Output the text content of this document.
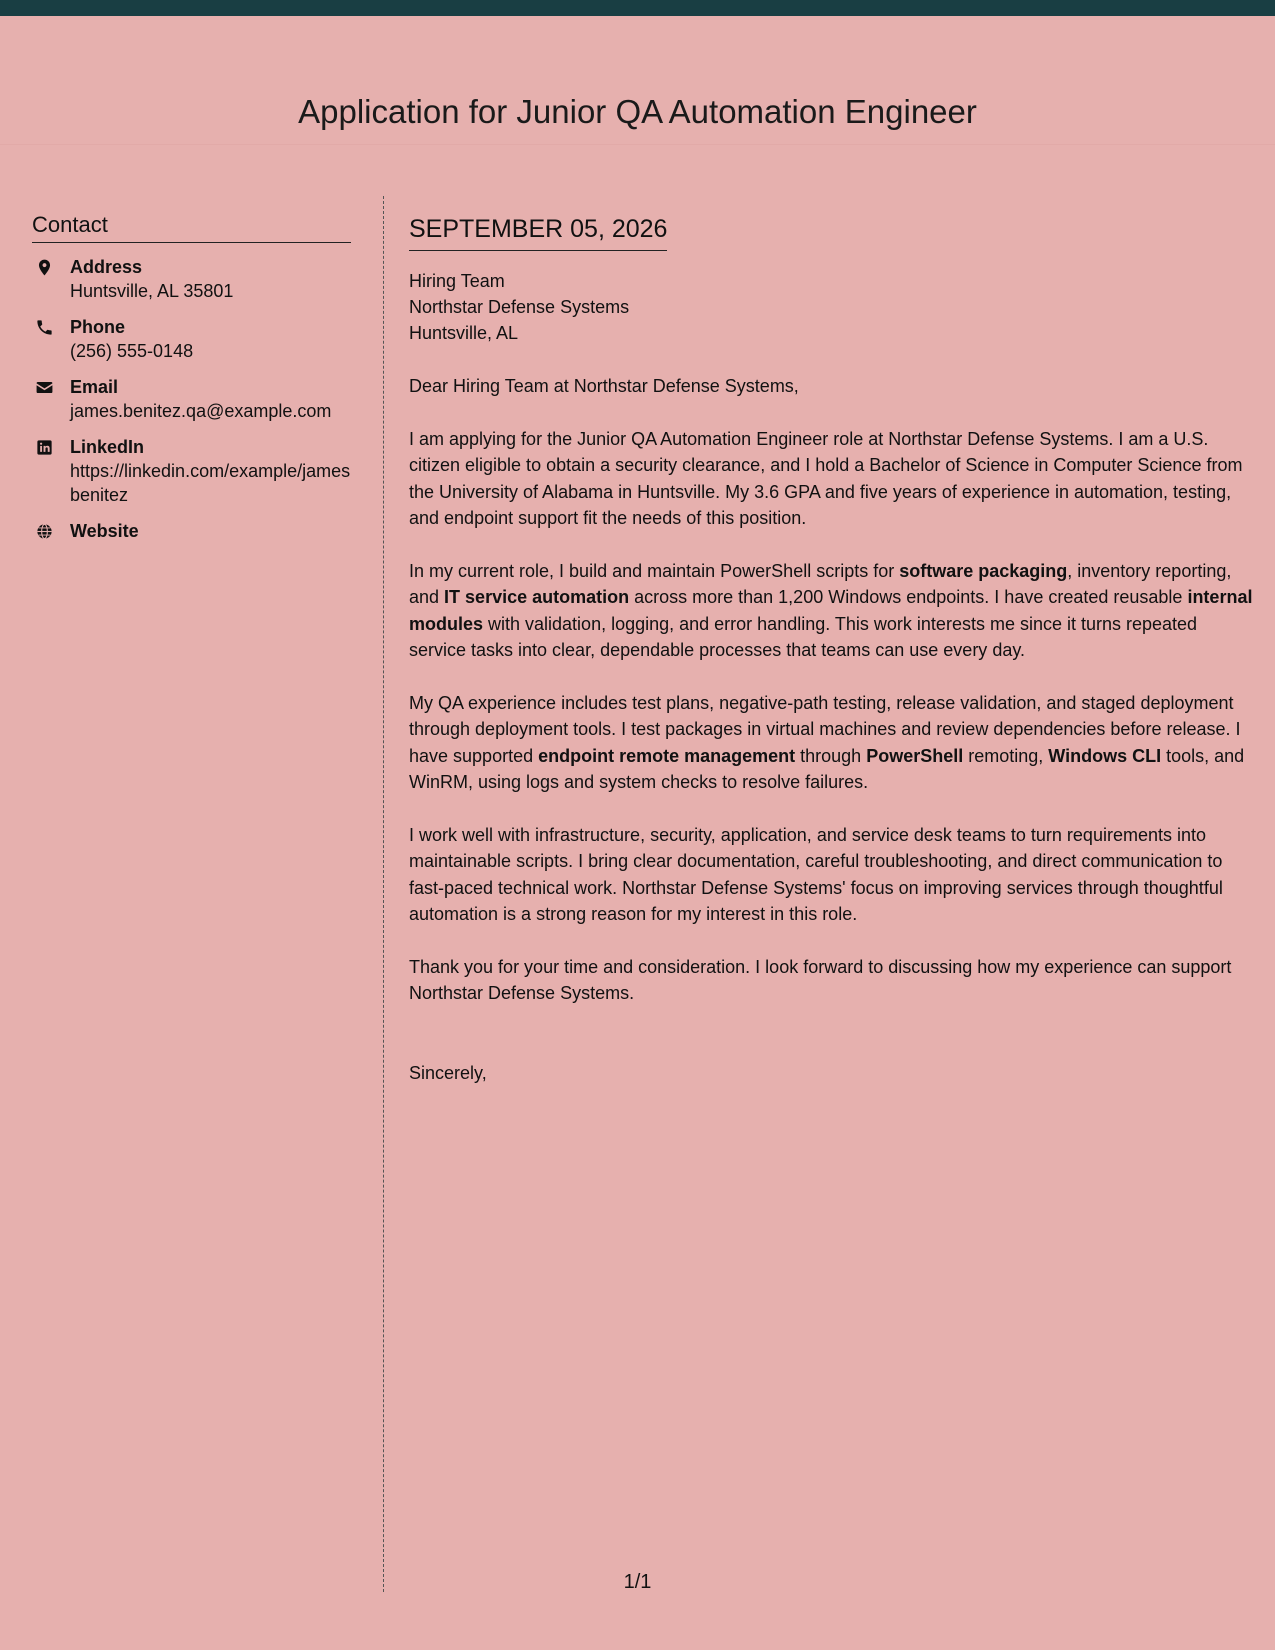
Application for Junior QA Automation Engineer
Contact
Address
Huntsville, AL 35801
Phone
(256) 555-0148
Email
james.benitez.qa@example.com
LinkedIn
https://linkedin.com/example/jamesbenitez
Website
SEPTEMBER 05, 2026
Hiring Team
Northstar Defense Systems
Huntsville, AL
Dear Hiring Team at Northstar Defense Systems,

I am applying for the Junior QA Automation Engineer role at Northstar Defense Systems. I am a U.S. citizen eligible to obtain a security clearance, and I hold a Bachelor of Science in Computer Science from the University of Alabama in Huntsville. My 3.6 GPA and five years of experience in automation, testing, and endpoint support fit the needs of this position.

In my current role, I build and maintain PowerShell scripts for software packaging, inventory reporting, and IT service automation across more than 1,200 Windows endpoints. I have created reusable internal modules with validation, logging, and error handling. This work interests me since it turns repeated service tasks into clear, dependable processes that teams can use every day.

My QA experience includes test plans, negative-path testing, release validation, and staged deployment through deployment tools. I test packages in virtual machines and review dependencies before release. I have supported endpoint remote management through PowerShell remoting, Windows CLI tools, and WinRM, using logs and system checks to resolve failures.

I work well with infrastructure, security, application, and service desk teams to turn requirements into maintainable scripts. I bring clear documentation, careful troubleshooting, and direct communication to fast-paced technical work. Northstar Defense Systems' focus on improving services through thoughtful automation is a strong reason for my interest in this role.

Thank you for your time and consideration. I look forward to discussing how my experience can support Northstar Defense Systems.

Sincerely,
1/1
